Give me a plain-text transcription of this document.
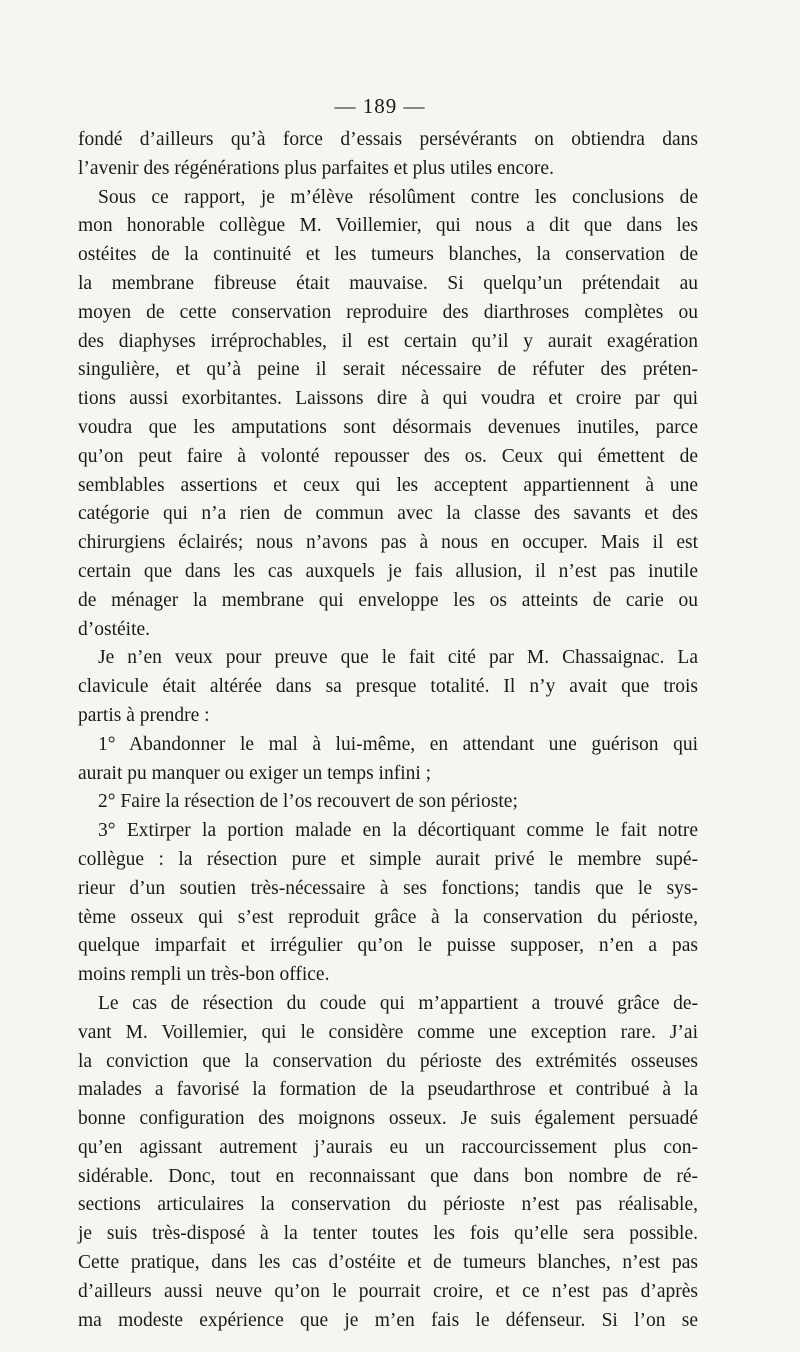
— 189 —
fondé d’ailleurs qu’à force d’essais persévérants on obtiendra dans
l’avenir des régénérations plus parfaites et plus utiles encore.
Sous ce rapport, je m’élève résolûment contre les conclusions de
mon honorable collègue M. Voillemier, qui nous a dit que dans les
ostéites de la continuité et les tumeurs blanches, la conservation de
la membrane fibreuse était mauvaise. Si quelqu’un prétendait au
moyen de cette conservation reproduire des diarthroses complètes ou
des diaphyses irréprochables, il est certain qu’il y aurait exagération
singulière, et qu’à peine il serait nécessaire de réfuter des préten-
tions aussi exorbitantes. Laissons dire à qui voudra et croire par qui
voudra que les amputations sont désormais devenues inutiles, parce
qu’on peut faire à volonté repousser des os. Ceux qui émettent de
semblables assertions et ceux qui les acceptent appartiennent à une
catégorie qui n’a rien de commun avec la classe des savants et des
chirurgiens éclairés; nous n’avons pas à nous en occuper. Mais il est
certain que dans les cas auxquels je fais allusion, il n’est pas inutile
de ménager la membrane qui enveloppe les os atteints de carie ou
d’ostéite.
Je n’en veux pour preuve que le fait cité par M. Chassaignac. La
clavicule était altérée dans sa presque totalité. Il n’y avait que trois
partis à prendre :
1° Abandonner le mal à lui-même, en attendant une guérison qui
aurait pu manquer ou exiger un temps infini ;
2° Faire la résection de l’os recouvert de son périoste;
3° Extirper la portion malade en la décortiquant comme le fait notre
collègue : la résection pure et simple aurait privé le membre supé-
rieur d’un soutien très-nécessaire à ses fonctions; tandis que le sys-
tème osseux qui s’est reproduit grâce à la conservation du périoste,
quelque imparfait et irrégulier qu’on le puisse supposer, n’en a pas
moins rempli un très-bon office.
Le cas de résection du coude qui m’appartient a trouvé grâce de-
vant M. Voillemier, qui le considère comme une exception rare. J’ai
la conviction que la conservation du périoste des extrémités osseuses
malades a favorisé la formation de la pseudarthrose et contribué à la
bonne configuration des moignons osseux. Je suis également persuadé
qu’en agissant autrement j’aurais eu un raccourcissement plus con-
sidérable. Donc, tout en reconnaissant que dans bon nombre de ré-
sections articulaires la conservation du périoste n’est pas réalisable,
je suis très-disposé à la tenter toutes les fois qu’elle sera possible.
Cette pratique, dans les cas d’ostéite et de tumeurs blanches, n’est pas
d’ailleurs aussi neuve qu’on le pourrait croire, et ce n’est pas d’après
ma modeste expérience que je m’en fais le défenseur. Si l’on se
